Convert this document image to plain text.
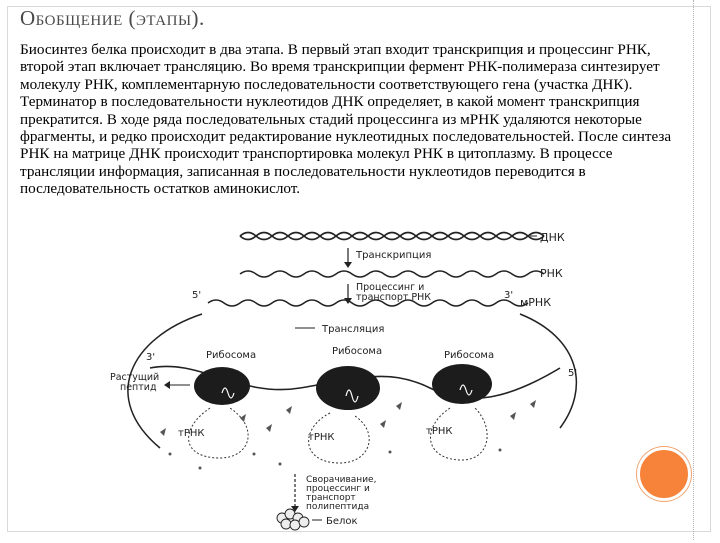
Обобщение (этапы).
Биосинтез белка происходит в два этапа. В первый этап входит транскрипция и процессинг РНК, второй этап включает трансляцию. Во время транскрипции фермент РНК-полимераза синтезирует молекулу РНК, комплементарную последовательности соответствующего гена (участка ДНК). Терминатор в последовательности нуклеотидов ДНК определяет, в какой момент транскрипция прекратится. В ходе ряда последовательных стадий процессинга из мРНК удаляются некоторые фрагменты, и редко происходит редактирование нуклеотидных последовательностей. После синтеза РНК на матрице ДНК происходит транспортировка молекул РНК в цитоплазму. В процессе трансляции информация, записанная в последовательности нуклеотидов переводится в последовательность остатков аминокислот.
ДНК
Транскрипция
РНК
Процессинг и
транспорт РНК
5'	3'
мРНК
Трансляция
Рибосома	Рибосома	Рибосома
3'
5'
Растущий
пептид
тРНК	тРНК
тРНК
Сворачивание,
процессинг и
транспорт
полипептида
Белок
